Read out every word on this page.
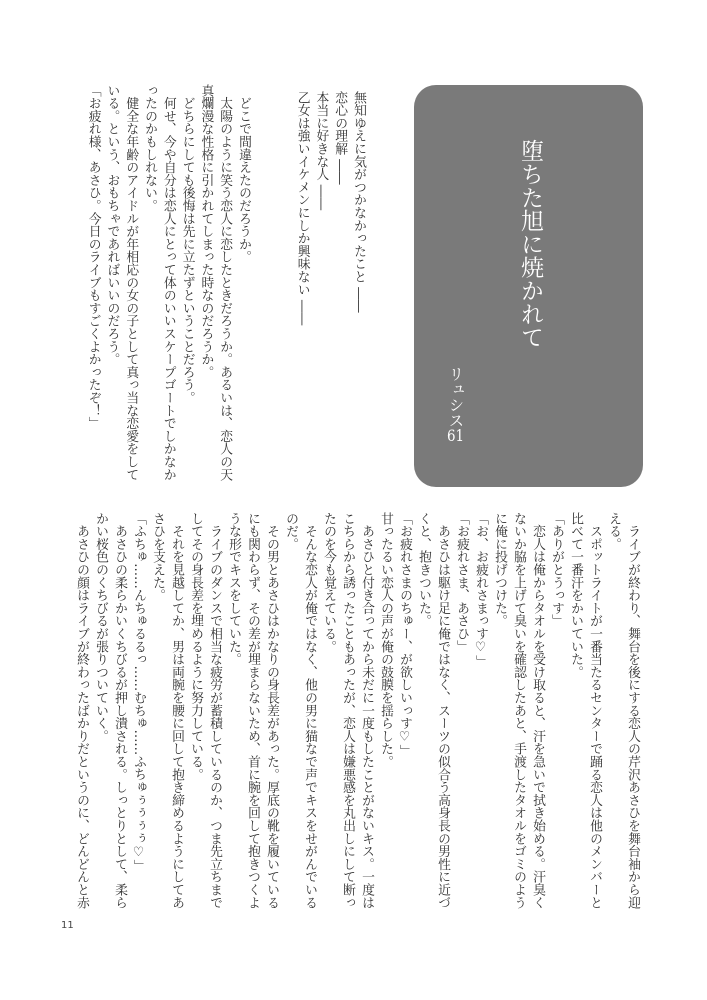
堕ちた旭に焼かれて
リュシス61
無知ゆえに気がつかなかったこと ――
恋心の理解 ――
本当に好きな人 ――
乙女は強いイケメンにしか興味ない ――
　どこで間違えたのだろうか。
　太陽のように笑う恋人に恋したときだろうか。あるいは、恋人の天
真爛漫な性格に引かれてしまった時なのだろうか。
　どちらにしても後悔は先に立たずということだろう。
　何せ、今や自分は恋人にとって体のいいスケープゴートでしかなか
ったのかもしれない。
　健全な年齢のアイドルが年相応の女の子として真っ当な恋愛をして
いる。という、おもちゃであればいいのだろう。
「お疲れ様、あさひ。今日のライブもすごくよかったぞ！」
　ライブが終わり、舞台を後にする恋人の芹沢あさひを舞台袖から迎
える。
　スポットライトが一番当たるセンターで踊る恋人は他のメンバーと
比べて一番汗をかいていた。
「ありがとうっす」
　恋人は俺からタオルを受け取ると、汗を急いで拭き始める。汗臭く
ないか脇を上げて臭いを確認したあと、手渡したタオルをゴミのよう
に俺に投げつけた。
「お、お疲れさまっす♡」
「お疲れさま、あさひ」
　あさひは駆け足に俺ではなく、スーツの似合う高身長の男性に近づ
くと、抱きついた。
「お疲れさまのちゅー、が欲しいっす♡」
甘ったるい恋人の声が俺の鼓膜を揺らした。
　あさひと付き合ってから未だに一度もしたことがないキス。一度は
こちらから誘ったこともあったが、恋人は嫌悪感を丸出しにして断っ
たのを今も覚えている。
　そんな恋人が俺ではなく、他の男に猫なで声でキスをせがんでいる
のだ。
　その男とあさひはかなりの身長差があった。厚底の靴を履いている
にも関わらず、その差が埋まらないため、首に腕を回して抱きつくよ
うな形でキスをしていた。
　ライブのダンスで相当な疲労が蓄積しているのか、つま先立ちまで
してその身長差を埋めるように努力している。
　それを見越してか、男は両腕を腰に回して抱き締めるようにしてあ
さひを支えた。
「ふちゅ……んちゅるるっ……むちゅ……ふちゅぅぅぅぅ♡」
　あさひの柔らかいくちびるが押し潰される。しっとりとして、柔ら
かい桜色のくちびるが張りついていく。
　あさひの顔はライブが終わったばかりだというのに、どんどんと赤
11
